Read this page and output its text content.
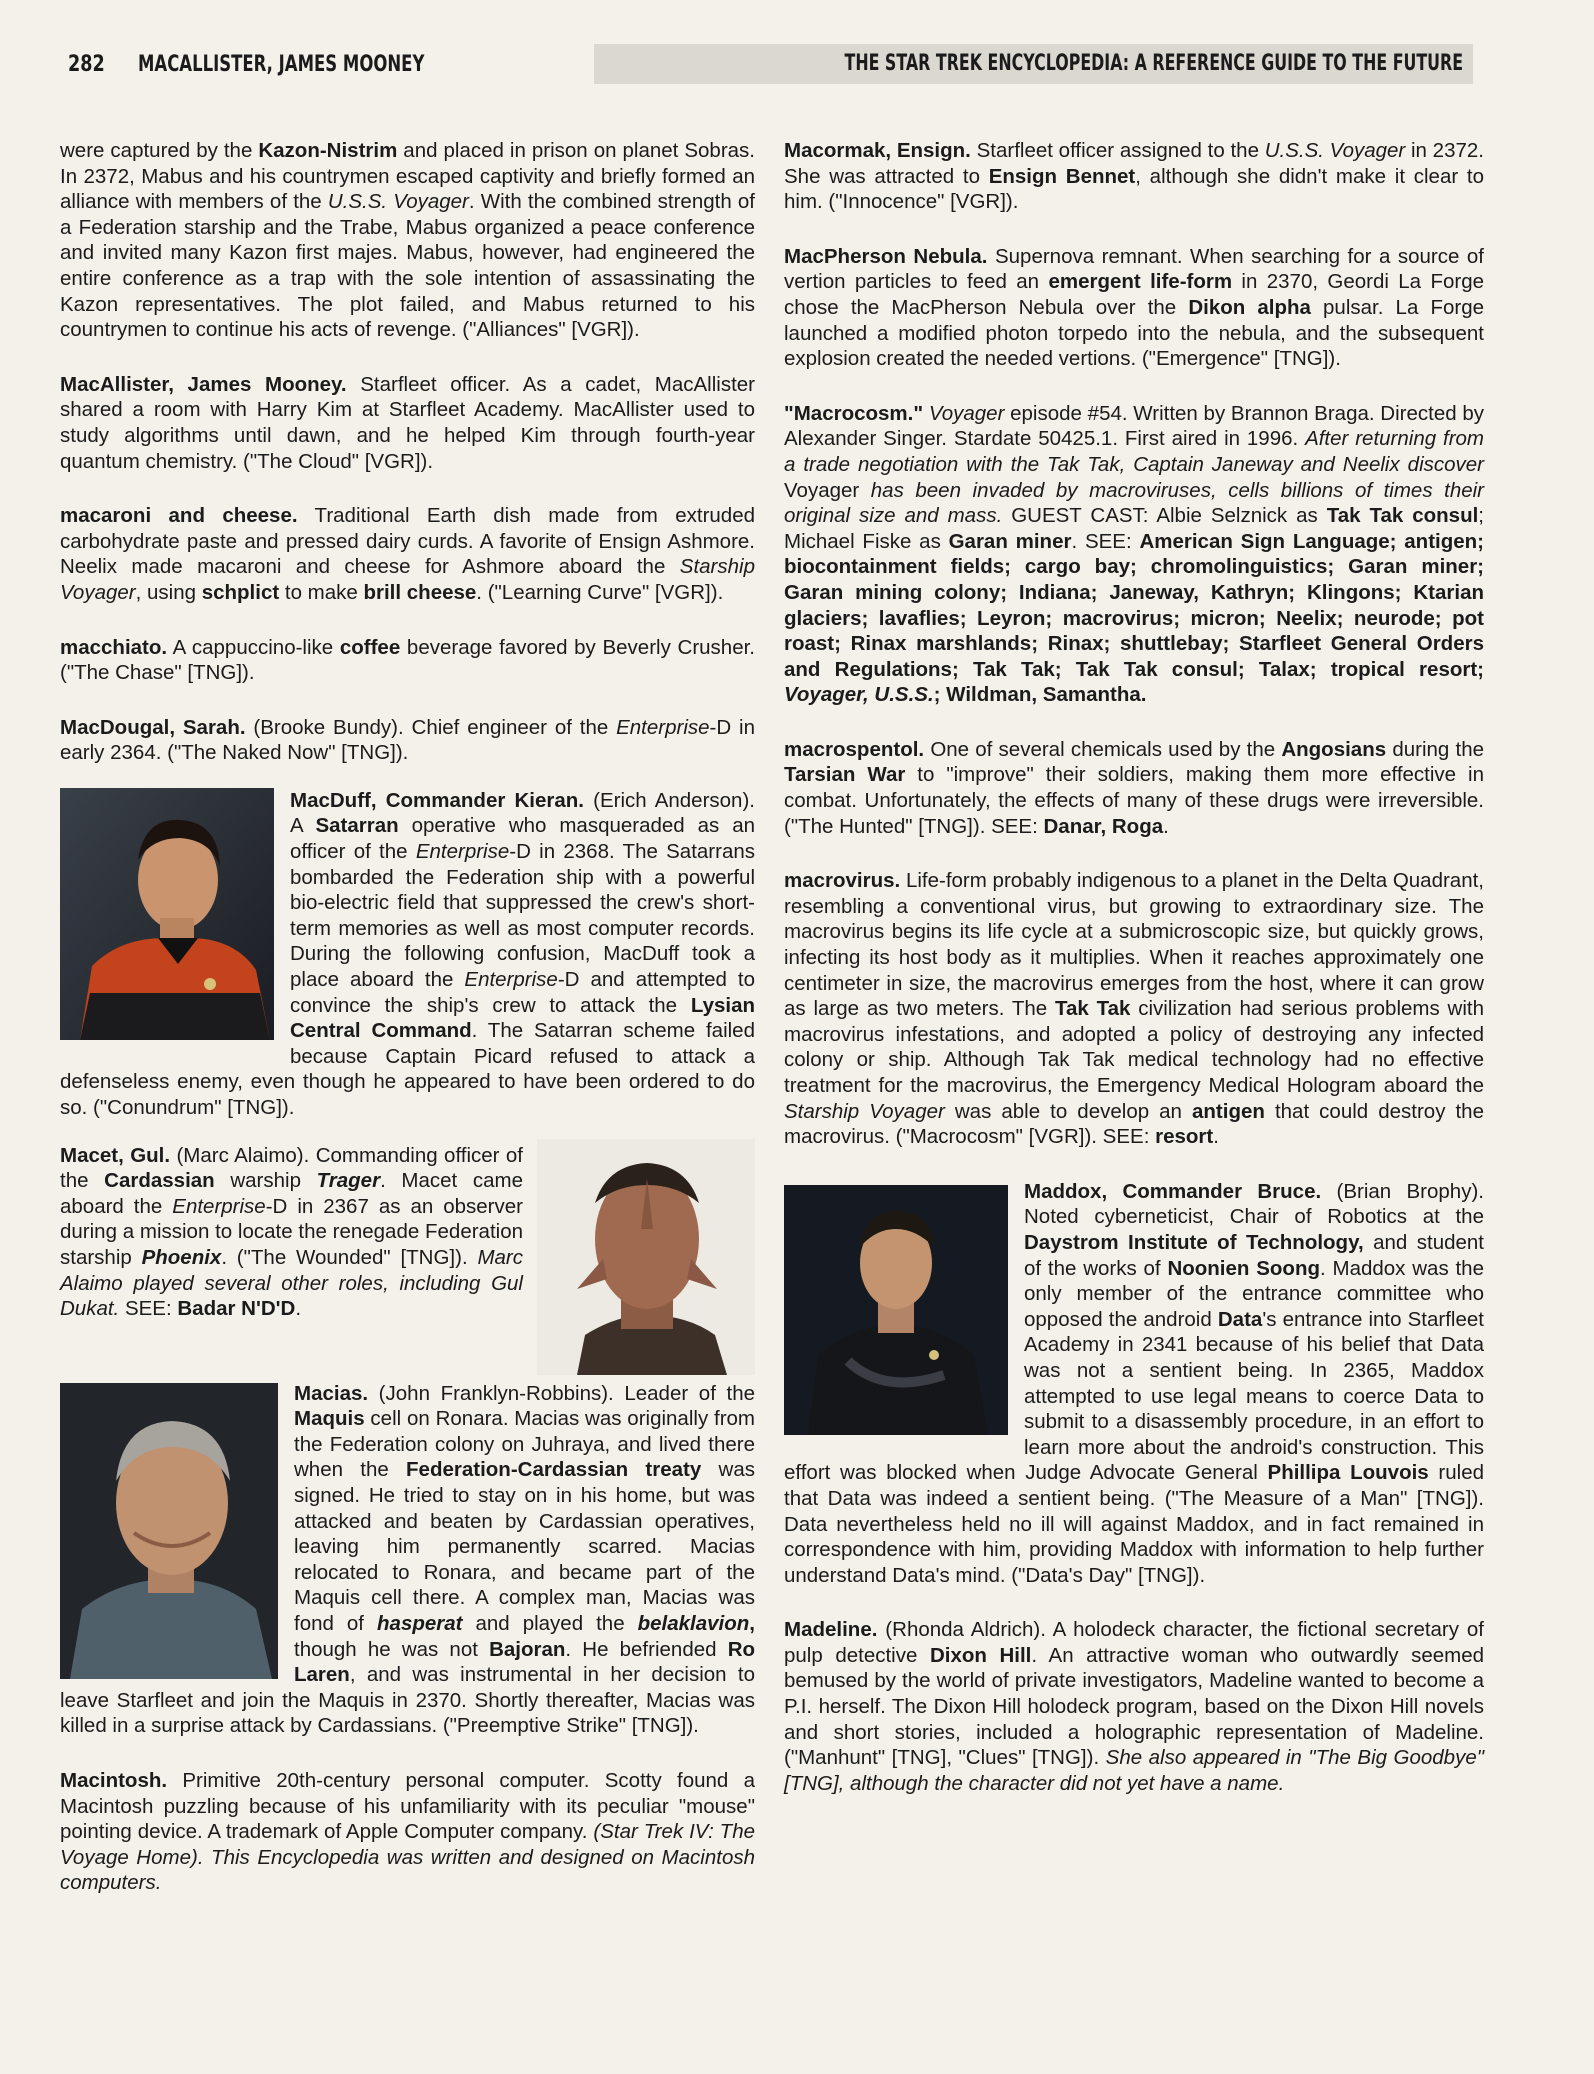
282 MACALLISTER, JAMES MOONEY	THE STAR TREK ENCYCLOPEDIA: A REFERENCE GUIDE TO THE FUTURE

were captured by the Kazon-Nistrim and placed in prison on planet Sobras. In 2372, Mabus and his countrymen escaped captivity and briefly formed an alliance with members of the U.S.S. Voyager. With the combined strength of a Federation starship and the Trabe, Mabus organized a peace conference and invited many Kazon first majes. Mabus, however, had engineered the entire conference as a trap with the sole intention of assassinating the Kazon representatives. The plot failed, and Mabus returned to his countrymen to continue his acts of revenge. ("Alliances" [VGR]).

MacAllister, James Mooney. Starfleet officer. As a cadet, MacAllister shared a room with Harry Kim at Starfleet Academy. MacAllister used to study algorithms until dawn, and he helped Kim through fourth-year quantum chemistry. ("The Cloud" [VGR]).

macaroni and cheese. Traditional Earth dish made from extruded carbohydrate paste and pressed dairy curds. A favorite of Ensign Ashmore. Neelix made macaroni and cheese for Ashmore aboard the Starship Voyager, using schplict to make brill cheese. ("Learning Curve" [VGR]).

macchiato. A cappuccino-like coffee beverage favored by Beverly Crusher. ("The Chase" [TNG]).

MacDougal, Sarah. (Brooke Bundy). Chief engineer of the Enterprise-D in early 2364. ("The Naked Now" [TNG]).

MacDuff, Commander Kieran. (Erich Anderson). A Satarran operative who masqueraded as an officer of the Enterprise-D in 2368. The Satarrans bombarded the Federation ship with a powerful bio-electric field that suppressed the crew's short-term memories as well as most computer records. During the following confusion, MacDuff took a place aboard the Enterprise-D and attempted to convince the ship's crew to attack the Lysian Central Command. The Satarran scheme failed because Captain Picard refused to attack a defenseless enemy, even though he appeared to have been ordered to do so. ("Conundrum" [TNG]).

Macet, Gul. (Marc Alaimo). Commanding officer of the Cardassian warship Trager. Macet came aboard the Enterprise-D in 2367 as an observer during a mission to locate the renegade Federation starship Phoenix. ("The Wounded" [TNG]). Marc Alaimo played several other roles, including Gul Dukat. SEE: Badar N'D'D.

Macias. (John Franklyn-Robbins). Leader of the Maquis cell on Ronara. Macias was originally from the Federation colony on Juhraya, and lived there when the Federation-Cardassian treaty was signed. He tried to stay on in his home, but was attacked and beaten by Cardassian operatives, leaving him permanently scarred. Macias relocated to Ronara, and became part of the Maquis cell there. A complex man, Macias was fond of hasperat and played the belaklavion, though he was not Bajoran. He befriended Ro Laren, and was instrumental in her decision to leave Starfleet and join the Maquis in 2370. Shortly thereafter, Macias was killed in a surprise attack by Cardassians. ("Preemptive Strike" [TNG]).

Macintosh. Primitive 20th-century personal computer. Scotty found a Macintosh puzzling because of his unfamiliarity with its peculiar "mouse" pointing device. A trademark of Apple Computer company. (Star Trek IV: The Voyage Home). This Encyclopedia was written and designed on Macintosh computers.

Macormak, Ensign. Starfleet officer assigned to the U.S.S. Voyager in 2372. She was attracted to Ensign Bennet, although she didn't make it clear to him. ("Innocence" [VGR]).

MacPherson Nebula. Supernova remnant. When searching for a source of vertion particles to feed an emergent life-form in 2370, Geordi La Forge chose the MacPherson Nebula over the Dikon alpha pulsar. La Forge launched a modified photon torpedo into the nebula, and the subsequent explosion created the needed vertions. ("Emergence" [TNG]).

"Macrocosm." Voyager episode #54. Written by Brannon Braga. Directed by Alexander Singer. Stardate 50425.1. First aired in 1996. After returning from a trade negotiation with the Tak Tak, Captain Janeway and Neelix discover Voyager has been invaded by macroviruses, cells billions of times their original size and mass. GUEST CAST: Albie Selznick as Tak Tak consul; Michael Fiske as Garan miner. SEE: American Sign Language; antigen; biocontainment fields; cargo bay; chromolinguistics; Garan miner; Garan mining colony; Indiana; Janeway, Kathryn; Klingons; Ktarian glaciers; lavaflies; Leyron; macrovirus; micron; Neelix; neurode; pot roast; Rinax marshlands; Rinax; shuttlebay; Starfleet General Orders and Regulations; Tak Tak; Tak Tak consul; Talax; tropical resort; Voyager, U.S.S.; Wildman, Samantha.

macrospentol. One of several chemicals used by the Angosians during the Tarsian War to "improve" their soldiers, making them more effective in combat. Unfortunately, the effects of many of these drugs were irreversible. ("The Hunted" [TNG]). SEE: Danar, Roga.

macrovirus. Life-form probably indigenous to a planet in the Delta Quadrant, resembling a conventional virus, but growing to extraordinary size. The macrovirus begins its life cycle at a submicroscopic size, but quickly grows, infecting its host body as it multiplies. When it reaches approximately one centimeter in size, the macrovirus emerges from the host, where it can grow as large as two meters. The Tak Tak civilization had serious problems with macrovirus infestations, and adopted a policy of destroying any infected colony or ship. Although Tak Tak medical technology had no effective treatment for the macrovirus, the Emergency Medical Hologram aboard the Starship Voyager was able to develop an antigen that could destroy the macrovirus. ("Macrocosm" [VGR]). SEE: resort.

Maddox, Commander Bruce. (Brian Brophy). Noted cyberneticist, Chair of Robotics at the Daystrom Institute of Technology, and student of the works of Noonien Soong. Maddox was the only member of the entrance committee who opposed the android Data's entrance into Starfleet Academy in 2341 because of his belief that Data was not a sentient being. In 2365, Maddox attempted to use legal means to coerce Data to submit to a disassembly procedure, in an effort to learn more about the android's construction. This effort was blocked when Judge Advocate General Phillipa Louvois ruled that Data was indeed a sentient being. ("The Measure of a Man" [TNG]). Data nevertheless held no ill will against Maddox, and in fact remained in correspondence with him, providing Maddox with information to help further understand Data's mind. ("Data's Day" [TNG]).

Madeline. (Rhonda Aldrich). A holodeck character, the fictional secretary of pulp detective Dixon Hill. An attractive woman who outwardly seemed bemused by the world of private investigators, Madeline wanted to become a P.I. herself. The Dixon Hill holodeck program, based on the Dixon Hill novels and short stories, included a holographic representation of Madeline. ("Manhunt" [TNG], "Clues" [TNG]). She also appeared in "The Big Goodbye" [TNG], although the character did not yet have a name.
